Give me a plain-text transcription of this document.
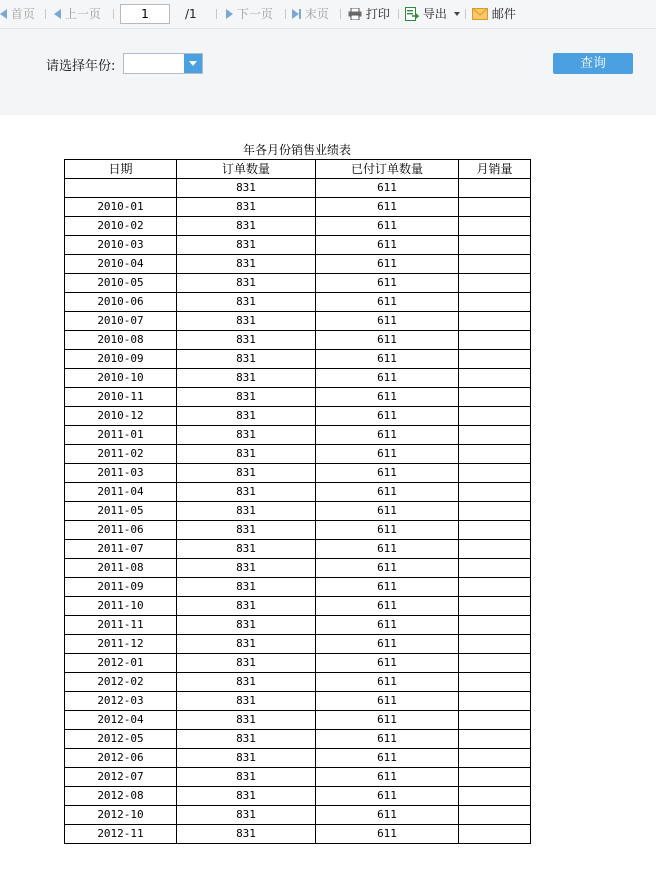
首页	上一页	1	/1	下一页	末页	打印	导出	邮件
请选择年份:	查询
年各月份销售业绩表
日期	订单数量	已付订单数量	月销量
	831	611	
2010-01	831	611	
2010-02	831	611	
2010-03	831	611	
2010-04	831	611	
2010-05	831	611	
2010-06	831	611	
2010-07	831	611	
2010-08	831	611	
2010-09	831	611	
2010-10	831	611	
2010-11	831	611	
2010-12	831	611	
2011-01	831	611	
2011-02	831	611	
2011-03	831	611	
2011-04	831	611	
2011-05	831	611	
2011-06	831	611	
2011-07	831	611	
2011-08	831	611	
2011-09	831	611	
2011-10	831	611	
2011-11	831	611	
2011-12	831	611	
2012-01	831	611	
2012-02	831	611	
2012-03	831	611	
2012-04	831	611	
2012-05	831	611	
2012-06	831	611	
2012-07	831	611	
2012-08	831	611	
2012-10	831	611	
2012-11	831	611	
